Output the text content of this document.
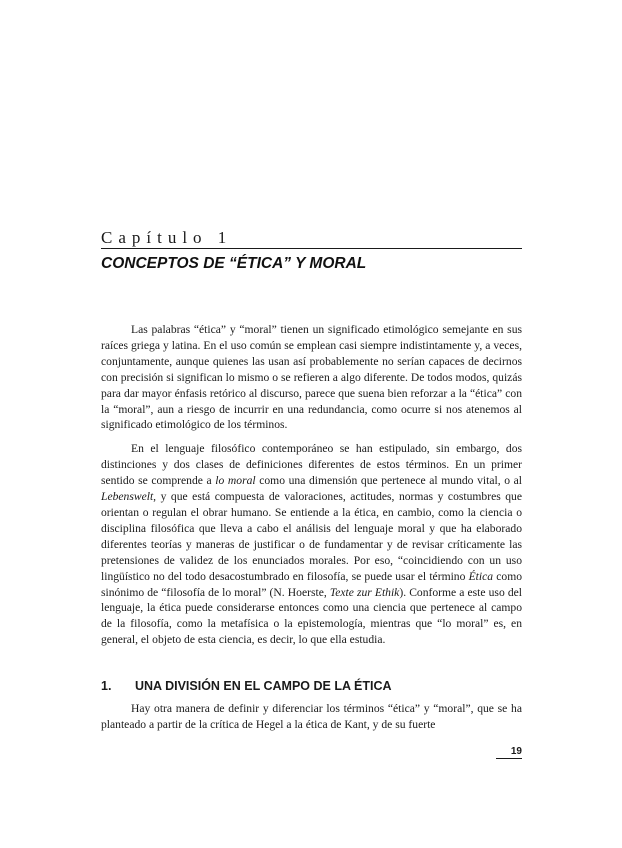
Capítulo 1
CONCEPTOS DE “ÉTICA” Y MORAL

Las palabras “ética” y “moral” tienen un significado etimológico semejante en sus raíces griega y latina. En el uso común se emplean casi siempre indistintamente y, a veces, conjuntamente, aunque quienes las usan así probablemente no serían capaces de decirnos con precisión si significan lo mismo o se refieren a algo diferente. De todos modos, quizás para dar mayor énfasis retórico al discurso, parece que suena bien reforzar a la “ética” con la “moral”, aun a riesgo de incurrir en una redundancia, como ocurre si nos atenemos al significado etimológico de los términos.

En el lenguaje filosófico contemporáneo se han estipulado, sin embargo, dos distinciones y dos clases de definiciones diferentes de estos términos. En un primer sentido se comprende a lo moral como una dimensión que pertenece al mundo vital, o al Lebenswelt, y que está compuesta de valoraciones, actitudes, normas y costumbres que orientan o regulan el obrar humano. Se entiende a la ética, en cambio, como la ciencia o disciplina filosófica que lleva a cabo el análisis del lenguaje moral y que ha elaborado diferentes teorías y maneras de justificar o de fundamentar y de revisar críticamente las pretensiones de validez de los enunciados morales. Por eso, “coincidiendo con un uso lingüístico no del todo desacostumbrado en filosofía, se puede usar el término Ética como sinónimo de “filosofía de lo moral” (N. Hoerste, Texte zur Ethik). Conforme a este uso del lenguaje, la ética puede considerarse entonces como una ciencia que pertenece al campo de la filosofía, como la metafísica o la epistemología, mientras que “lo moral” es, en general, el objeto de esta ciencia, es decir, lo que ella estudia.

1. UNA DIVISIÓN EN EL CAMPO DE LA ÉTICA

Hay otra manera de definir y diferenciar los términos “ética” y “moral”, que se ha planteado a partir de la crítica de Hegel a la ética de Kant, y de su fuerte

19
